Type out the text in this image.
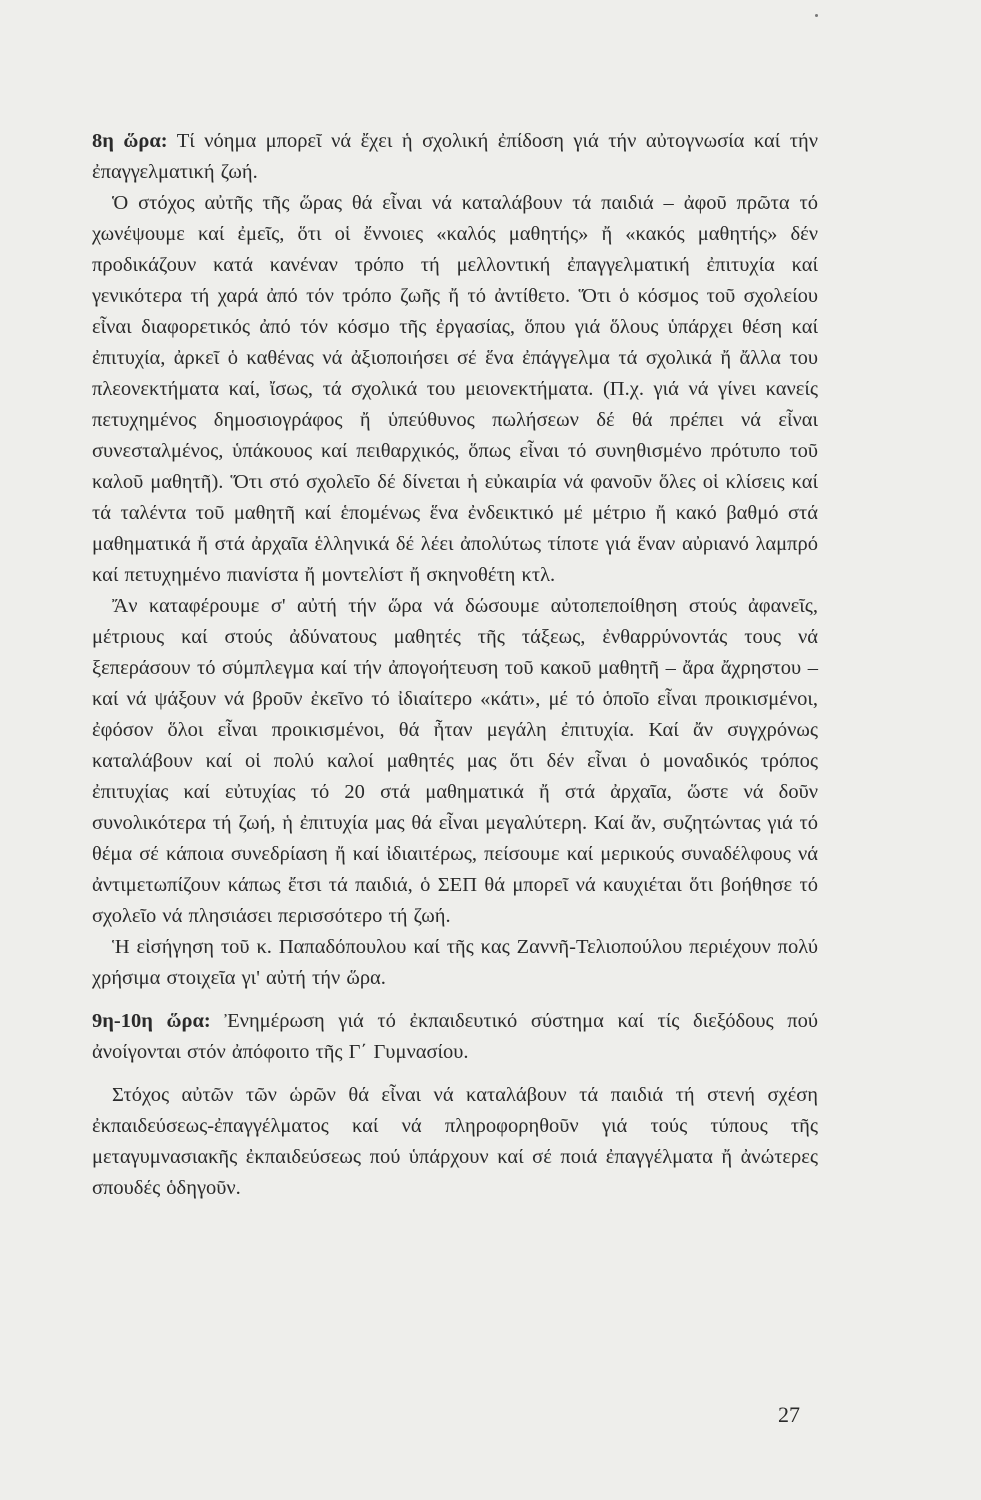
8η ὥρα: Τί νόημα μπορεῖ νά ἔχει ἡ σχολική ἐπίδοση γιά τήν αὐτογνωσία καί τήν ἐπαγγελματική ζωή.

Ὁ στόχος αὐτῆς τῆς ὥρας θά εἶναι νά καταλάβουν τά παιδιά – ἀφοῦ πρῶτα τό χωνέψουμε καί ἐμεῖς, ὅτι οἱ ἔννοιες «καλός μαθητής» ἤ «κακός μαθητής» δέν προδικάζουν κατά κανέναν τρόπο τή μελλοντική ἐπαγγελματική ἐπιτυχία καί γενικότερα τή χαρά ἀπό τόν τρόπο ζωῆς ἤ τό ἀντίθετο. Ὅτι ὁ κόσμος τοῦ σχολείου εἶναι διαφορετικός ἀπό τόν κόσμο τῆς ἐργασίας, ὅπου γιά ὅλους ὑπάρχει θέση καί ἐπιτυχία, ἀρκεῖ ὁ καθένας νά ἀξιοποιήσει σέ ἕνα ἐπάγγελμα τά σχολικά ἤ ἄλλα του πλεονεκτήματα καί, ἴσως, τά σχολικά του μειονεκτήματα. (Π.χ. γιά νά γίνει κανείς πετυχημένος δημοσιογράφος ἤ ὑπεύθυνος πωλήσεων δέ θά πρέπει νά εἶναι συνεσταλμένος, ὑπάκουος καί πειθαρχικός, ὅπως εἶναι τό συνηθισμένο πρότυπο τοῦ καλοῦ μαθητῆ). Ὅτι στό σχολεῖο δέ δίνεται ἡ εὐκαιρία νά φανοῦν ὅλες οἱ κλίσεις καί τά ταλέντα τοῦ μαθητῆ καί ἑπομένως ἕνα ἐνδεικτικό μέ μέτριο ἤ κακό βαθμό στά μαθηματικά ἤ στά ἀρχαῖα ἑλληνικά δέ λέει ἀπολύτως τίποτε γιά ἕναν αὐριανό λαμπρό καί πετυχημένο πιανίστα ἤ μοντελίστ ἤ σκηνοθέτη κτλ.

Ἄν καταφέρουμε σ' αὐτή τήν ὥρα νά δώσουμε αὐτοπεποίθηση στούς ἀφανεῖς, μέτριους καί στούς ἀδύνατους μαθητές τῆς τάξεως, ἐνθαρρύνοντάς τους νά ξεπεράσουν τό σύμπλεγμα καί τήν ἀπογοήτευση τοῦ κακοῦ μαθητῆ – ἄρα ἄχρηστου – καί νά ψάξουν νά βροῦν ἐκεῖνο τό ἰδιαίτερο «κάτι», μέ τό ὁποῖο εἶναι προικισμένοι, ἐφόσον ὅλοι εἶναι προικισμένοι, θά ἦταν μεγάλη ἐπιτυχία. Καί ἄν συγχρόνως καταλάβουν καί οἱ πολύ καλοί μαθητές μας ὅτι δέν εἶναι ὁ μοναδικός τρόπος ἐπιτυχίας καί εὐτυχίας τό 20 στά μαθηματικά ἤ στά ἀρχαῖα, ὥστε νά δοῦν συνολικότερα τή ζωή, ἡ ἐπιτυχία μας θά εἶναι μεγαλύτερη. Καί ἄν, συζητώντας γιά τό θέμα σέ κάποια συνεδρίαση ἤ καί ἰδιαιτέρως, πείσουμε καί μερικούς συναδέλφους νά ἀντιμετωπίζουν κάπως ἔτσι τά παιδιά, ὁ ΣΕΠ θά μπορεῖ νά καυχιέται ὅτι βοήθησε τό σχολεῖο νά πλησιάσει περισσότερο τή ζωή.

Ἡ εἰσήγηση τοῦ κ. Παπαδόπουλου καί τῆς κας Ζαννῆ-Τελιοπούλου περιέχουν πολύ χρήσιμα στοιχεῖα γι' αὐτή τήν ὥρα.

9η-10η ὥρα: Ἐνημέρωση γιά τό ἐκπαιδευτικό σύστημα καί τίς διεξόδους πού ἀνοίγονται στόν ἀπόφοιτο τῆς Γ΄ Γυμνασίου.

Στόχος αὐτῶν τῶν ὡρῶν θά εἶναι νά καταλάβουν τά παιδιά τή στενή σχέση ἐκπαιδεύσεως-ἐπαγγέλματος καί νά πληροφορηθοῦν γιά τούς τύπους τῆς μεταγυμνασιακῆς ἐκπαιδεύσεως πού ὑπάρχουν καί σέ ποιά ἐπαγγέλματα ἤ ἀνώτερες σπουδές ὁδηγοῦν.

27
